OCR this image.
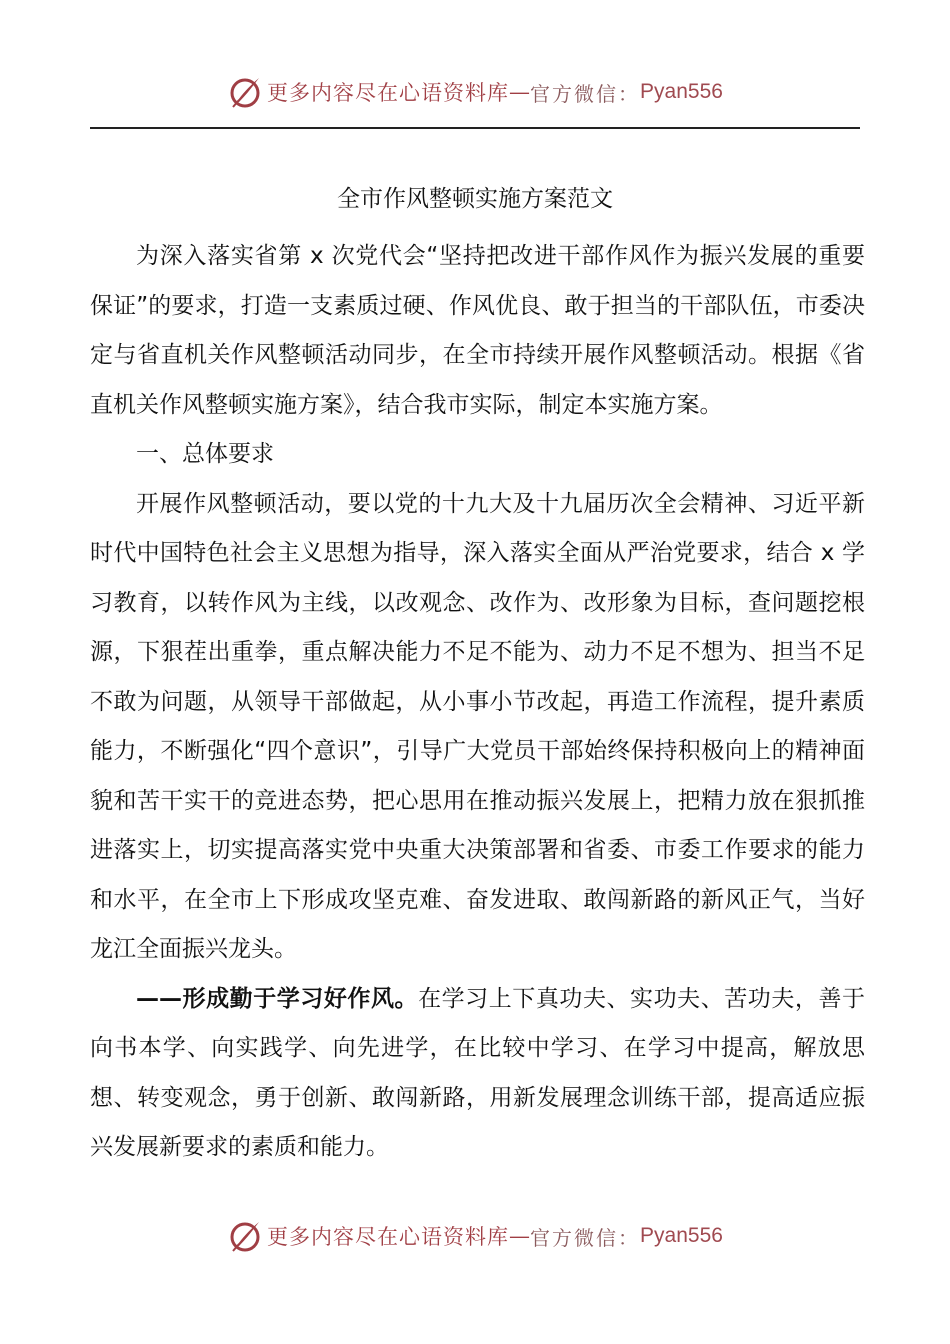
更多内容尽在心语资料库 — 官方微信： Pyan556
全市作风整顿实施方案范文

为深入落实省第 x 次党代会“坚持把改进干部作风作为振兴发展的重要保证”的要求，打造一支素质过硬、作风优良、敢于担当的干部队伍，市委决定与省直机关作风整顿活动同步，在全市持续开展作风整顿活动。根据《省直机关作风整顿实施方案》，结合我市实际，制定本实施方案。

一、总体要求

开展作风整顿活动，要以党的十九大及十九届历次全会精神、习近平新时代中国特色社会主义思想为指导，深入落实全面从严治党要求，结合 x 学习教育，以转作风为主线，以改观念、改作为、改形象为目标，查问题挖根源，下狠茬出重拳，重点解决能力不足不能为、动力不足不想为、担当不足不敢为问题，从领导干部做起，从小事小节改起，再造工作流程，提升素质能力，不断强化“四个意识”，引导广大党员干部始终保持积极向上的精神面貌和苦干实干的竞进态势，把心思用在推动振兴发展上，把精力放在狠抓推进落实上，切实提高落实党中央重大决策部署和省委、市委工作要求的能力和水平，在全市上下形成攻坚克难、奋发进取、敢闯新路的新风正气，当好龙江全面振兴龙头。

——形成勤于学习好作风。在学习上下真功夫、实功夫、苦功夫，善于向书本学、向实践学、向先进学，在比较中学习、在学习中提高，解放思想、转变观念，勇于创新、敢闯新路，用新发展理念训练干部，提高适应振兴发展新要求的素质和能力。

更多内容尽在心语资料库 — 官方微信： Pyan556
